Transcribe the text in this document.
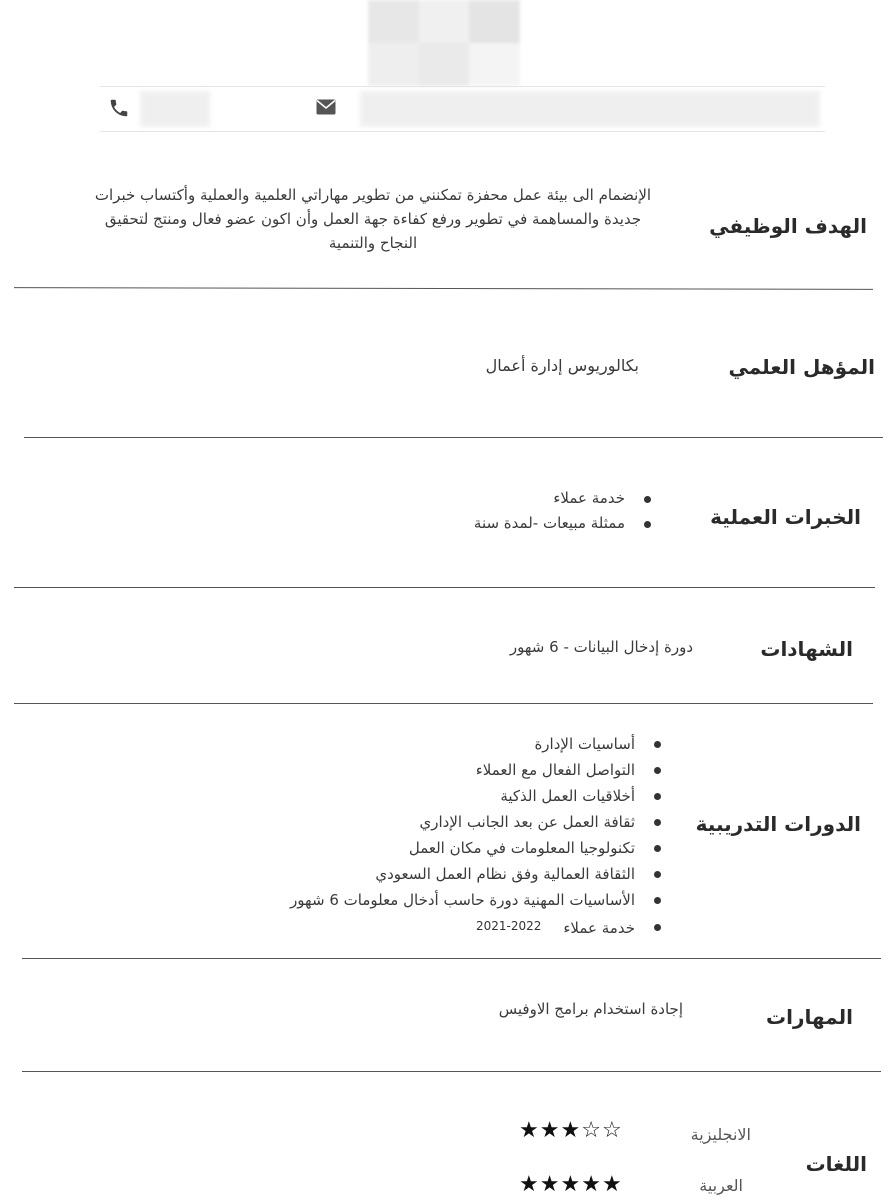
الهدف الوظيفي
الإنضمام الى بيئة عمل محفزة تمكنني من تطوير مهاراتي العلمية والعملية وأكتساب خبرات جديدة والمساهمة في تطوير ورفع كفاءة جهة العمل وأن اكون عضو فعال ومنتج لتحقيق النجاح والتنمية
المؤهل العلمي
بكالوريوس إدارة أعمال
الخبرات العملية
خدمة عملاء
ممثلة مبيعات -لمدة سنة
الشهادات
دورة إدخال البيانات - 6 شهور
الدورات التدريبية
أساسيات الإدارة
التواصل الفعال مع العملاء
أخلاقيات العمل الذكية
ثقافة العمل عن بعد الجانب الإداري
تكنولوجيا المعلومات في مكان العمل
الثقافة العمالية وفق نظام العمل السعودي
الأساسيات المهنية دورة حاسب أدخال معلومات 6 شهور
خدمة عملاء2021-2022
المهارات
إجادة استخدام برامج الاوفيس
اللغات
الانجليزية
★★★☆☆
العربية
★★★★★
